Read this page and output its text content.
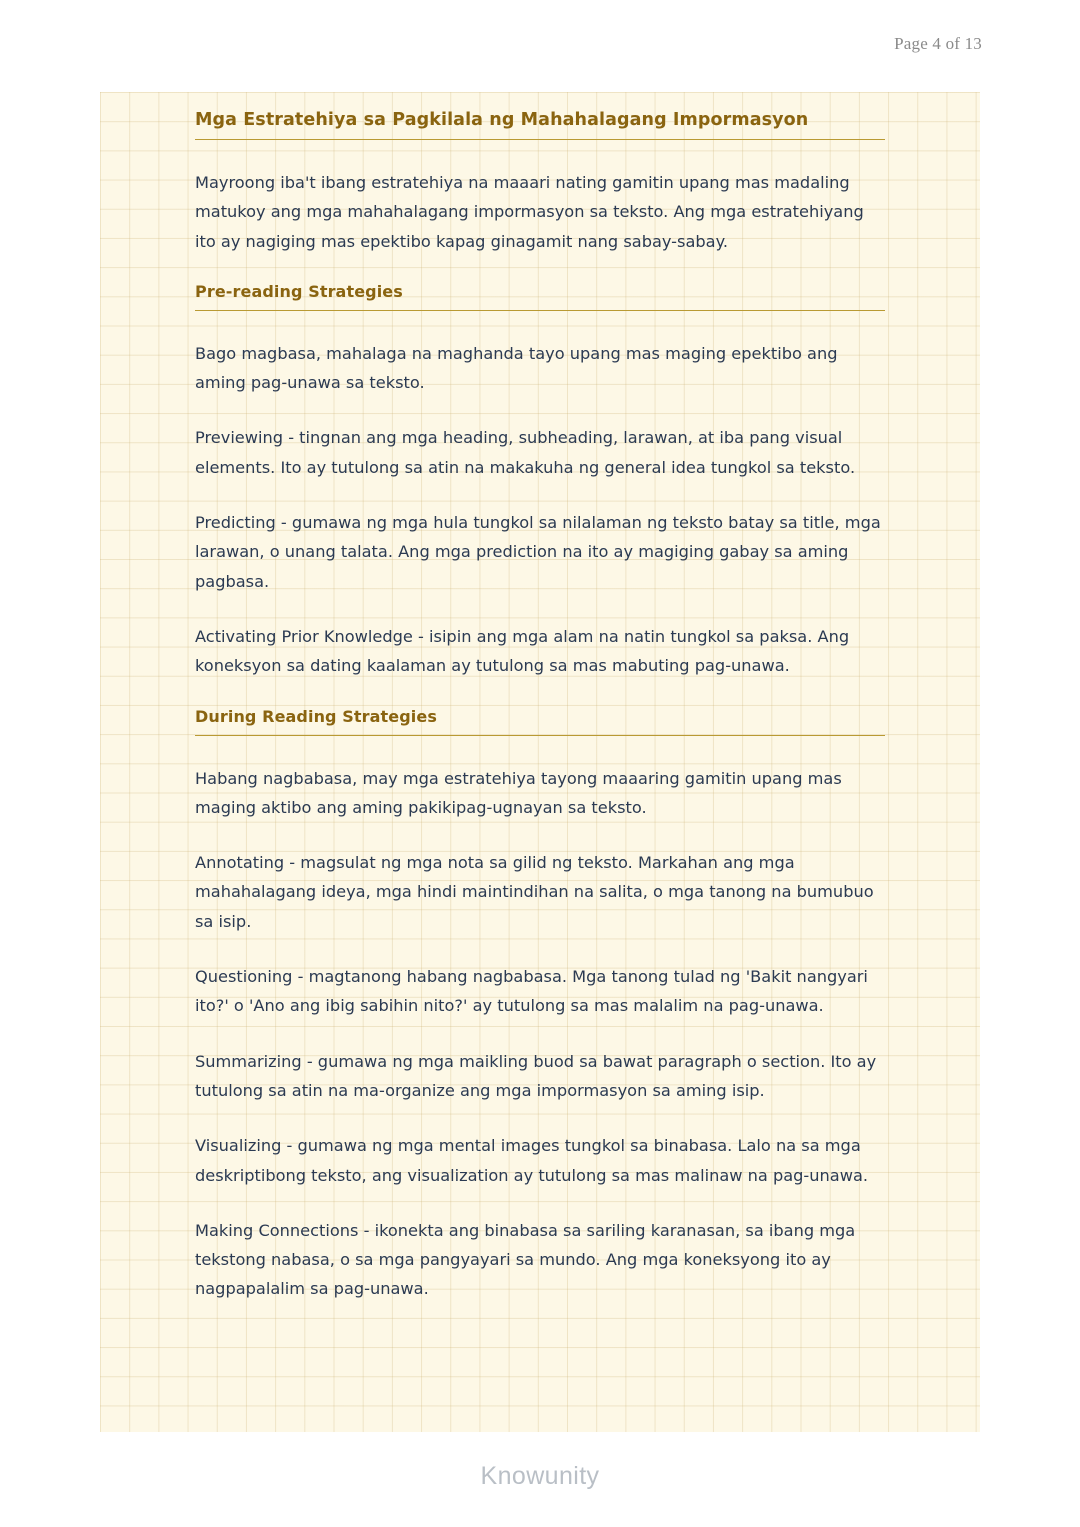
Page 4 of 13
Mga Estratehiya sa Pagkilala ng Mahahalagang Impormasyon

Mayroong iba't ibang estratehiya na maaari nating gamitin upang mas madaling matukoy ang mga mahahalagang impormasyon sa teksto. Ang mga estratehiyang ito ay nagiging mas epektibo kapag ginagamit nang sabay-sabay.

Pre-reading Strategies

Bago magbasa, mahalaga na maghanda tayo upang mas maging epektibo ang aming pag-unawa sa teksto.

Previewing - tingnan ang mga heading, subheading, larawan, at iba pang visual elements. Ito ay tutulong sa atin na makakuha ng general idea tungkol sa teksto.

Predicting - gumawa ng mga hula tungkol sa nilalaman ng teksto batay sa title, mga larawan, o unang talata. Ang mga prediction na ito ay magiging gabay sa aming pagbasa.

Activating Prior Knowledge - isipin ang mga alam na natin tungkol sa paksa. Ang koneksyon sa dating kaalaman ay tutulong sa mas mabuting pag-unawa.

During Reading Strategies

Habang nagbabasa, may mga estratehiya tayong maaaring gamitin upang mas maging aktibo ang aming pakikipag-ugnayan sa teksto.

Annotating - magsulat ng mga nota sa gilid ng teksto. Markahan ang mga mahahalagang ideya, mga hindi maintindihan na salita, o mga tanong na bumubuo sa isip.

Questioning - magtanong habang nagbabasa. Mga tanong tulad ng 'Bakit nangyari ito?' o 'Ano ang ibig sabihin nito?' ay tutulong sa mas malalim na pag-unawa.

Summarizing - gumawa ng mga maikling buod sa bawat paragraph o section. Ito ay tutulong sa atin na ma-organize ang mga impormasyon sa aming isip.

Visualizing - gumawa ng mga mental images tungkol sa binabasa. Lalo na sa mga deskriptibong teksto, ang visualization ay tutulong sa mas malinaw na pag-unawa.

Making Connections - ikonekta ang binabasa sa sariling karanasan, sa ibang mga tekstong nabasa, o sa mga pangyayari sa mundo. Ang mga koneksyong ito ay nagpapalalim sa pag-unawa.

Knowunity
